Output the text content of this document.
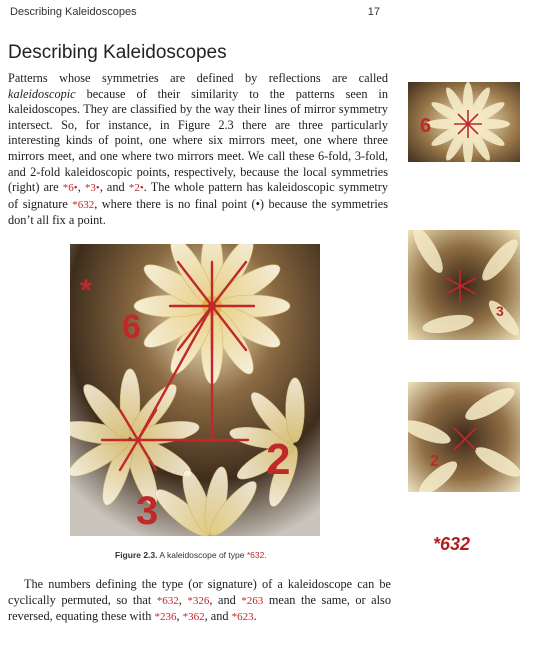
Describing Kaleidoscopes	17
Describing Kaleidoscopes
Patterns whose symmetries are defined by reflections are called kaleidoscopic because of their similarity to the patterns seen in kaleidoscopes. They are classified by the way their lines of mirror symmetry intersect. So, for instance, in Figure 2.3 there are three particularly interesting kinds of point, one where six mirrors meet, one where three mirrors meet, and one where two mirrors meet. We call these 6-fold, 3-fold, and 2-fold kaleidoscopic points, respectively, because the local symmetries (right) are *6•, *3•, and *2•. The whole pattern has kaleidoscopic symmetry of signature *632, where there is no final point (•) because the symmetries don’t all fix a point.
*
6
2
3
Figure 2.3. A kaleidoscope of type *632.
6
3
2
*632
The numbers defining the type (or signature) of a kaleidoscope can be cyclically permuted, so that *632, *326, and *263 mean the same, or also reversed, equating these with *236, *362, and *623.
